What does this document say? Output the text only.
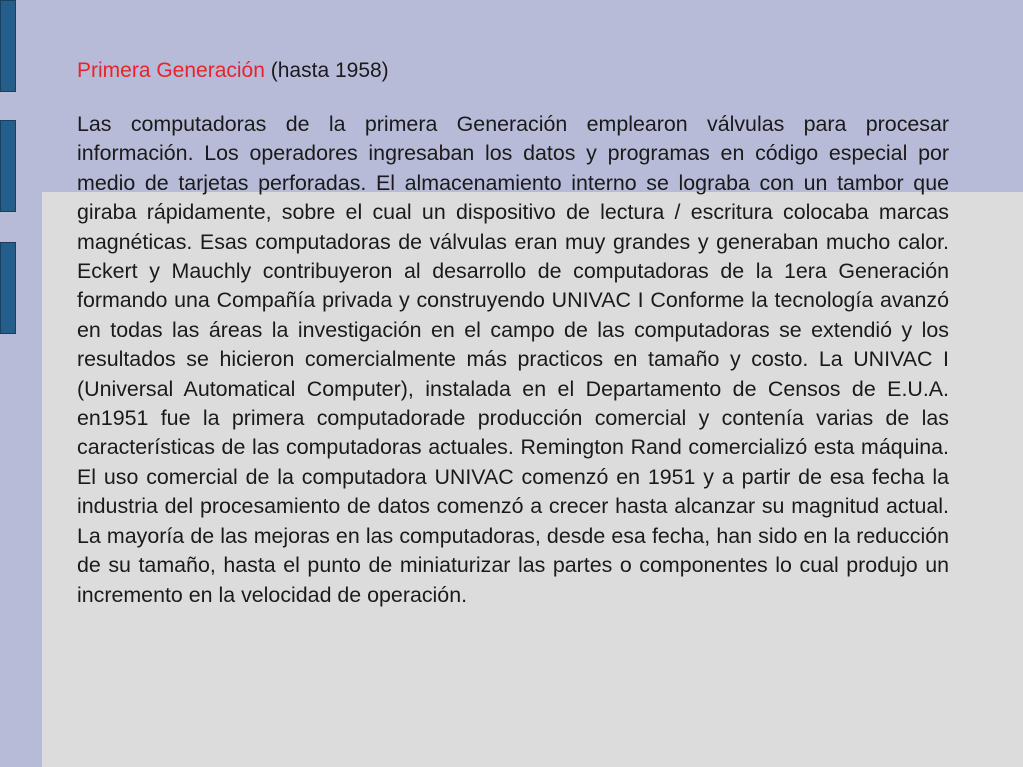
Primera Generación (hasta 1958)

Las computadoras de la primera Generación emplearon válvulas para procesar información. Los operadores ingresaban los datos y programas en código especial por medio de tarjetas perforadas. El almacenamiento interno se lograba con un tambor que giraba rápidamente, sobre el cual un dispositivo de lectura / escritura colocaba marcas magnéticas. Esas computadoras de válvulas eran muy grandes y generaban mucho calor. Eckert y Mauchly contribuyeron al desarrollo de computadoras de la 1era Generación formando una Compañía privada y construyendo UNIVAC I Conforme la tecnología avanzó en todas las áreas la investigación en el campo de las computadoras se extendió y los resultados se hicieron comercialmente más practicos en tamaño y costo. La UNIVAC I (Universal Automatical Computer), instalada en el Departamento de Censos de E.U.A. en1951 fue la primera computadorade producción comercial y contenía varias de las características de las computadoras actuales. Remington Rand comercializó esta máquina. El uso comercial de la computadora UNIVAC comenzó en 1951 y a partir de esa fecha la industria del procesamiento de datos comenzó a crecer hasta alcanzar su magnitud actual. La mayoría de las mejoras en las computadoras, desde esa fecha, han sido en la reducción de su tamaño, hasta el punto de miniaturizar las partes o componentes lo cual produjo un incremento en la velocidad de operación.
